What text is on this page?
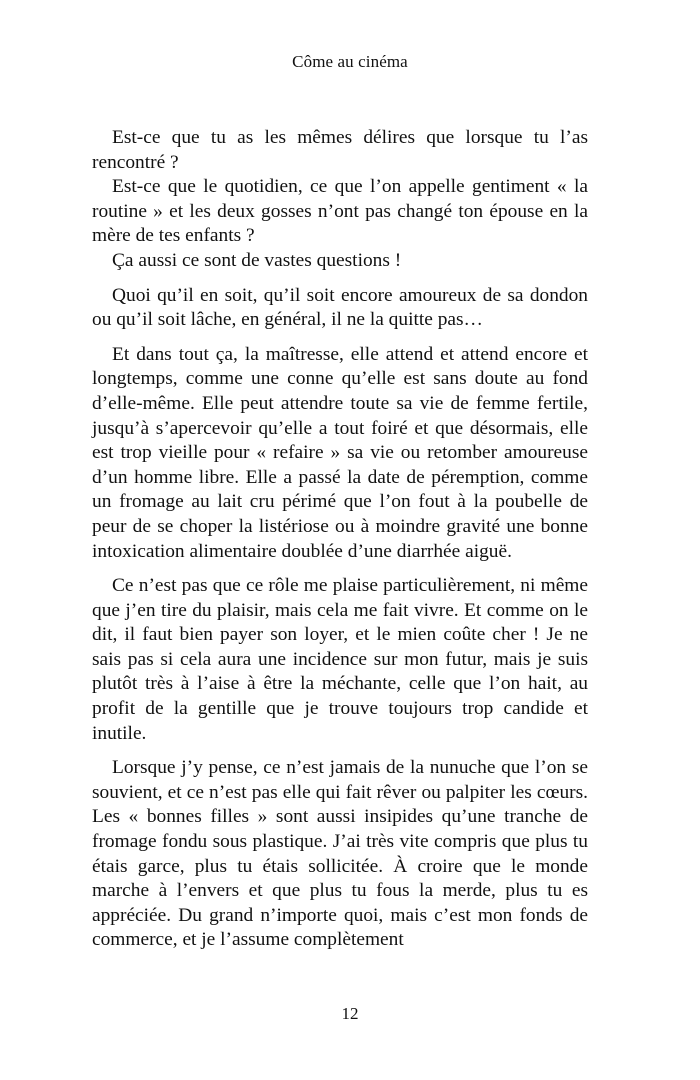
Côme au cinéma

Est-ce que tu as les mêmes délires que lorsque tu l’as rencontré ?

Est-ce que le quotidien, ce que l’on appelle gentiment « la routine » et les deux gosses n’ont pas changé ton épouse en la mère de tes enfants ?

Ça aussi ce sont de vastes questions !

Quoi qu’il en soit, qu’il soit encore amoureux de sa dondon ou qu’il soit lâche, en général, il ne la quitte pas…

Et dans tout ça, la maîtresse, elle attend et attend encore et longtemps, comme une conne qu’elle est sans doute au fond d’elle-même. Elle peut attendre toute sa vie de femme fertile, jusqu’à s’apercevoir qu’elle a tout foiré et que désormais, elle est trop vieille pour « refaire » sa vie ou retomber amoureuse d’un homme libre. Elle a passé la date de péremption, comme un fromage au lait cru périmé que l’on fout à la poubelle de peur de se choper la listériose ou à moindre gravité une bonne intoxication alimentaire doublée d’une diarrhée aiguë.

Ce n’est pas que ce rôle me plaise particulièrement, ni même que j’en tire du plaisir, mais cela me fait vivre. Et comme on le dit, il faut bien payer son loyer, et le mien coûte cher ! Je ne sais pas si cela aura une incidence sur mon futur, mais je suis plutôt très à l’aise à être la méchante, celle que l’on hait, au profit de la gentille que je trouve toujours trop candide et inutile.

Lorsque j’y pense, ce n’est jamais de la nunuche que l’on se souvient, et ce n’est pas elle qui fait rêver ou palpiter les cœurs. Les « bonnes filles » sont aussi insipides qu’une tranche de fromage fondu sous plastique. J’ai très vite compris que plus tu étais garce, plus tu étais sollicitée. À croire que le monde marche à l’envers et que plus tu fous la merde, plus tu es appréciée. Du grand n’importe quoi, mais c’est mon fonds de commerce, et je l’assume complètement

12
